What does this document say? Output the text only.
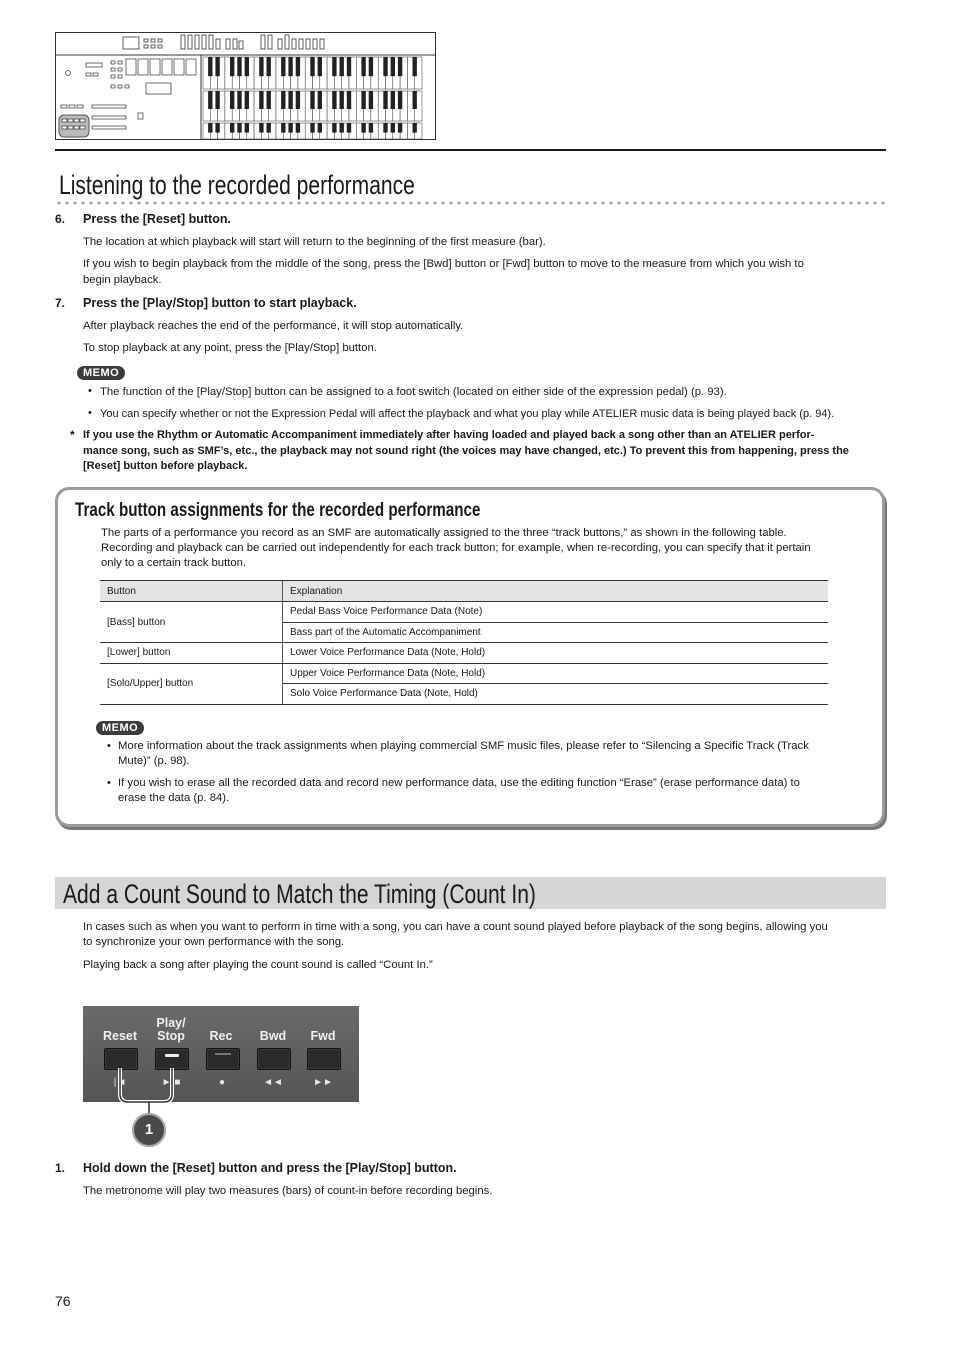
Listening to the recorded performance
6. Press the [Reset] button.
The location at which playback will start will return to the beginning of the first measure (bar).
If you wish to begin playback from the middle of the song, press the [Bwd] button or [Fwd] button to move to the measure from which you wish to
begin playback.
7. Press the [Play/Stop] button to start playback.
After playback reaches the end of the performance, it will stop automatically.
To stop playback at any point, press the [Play/Stop] button.
MEMO
• The function of the [Play/Stop] button can be assigned to a foot switch (located on either side of the expression pedal) (p. 93).
• You can specify whether or not the Expression Pedal will affect the playback and what you play while ATELIER music data is being played back (p. 94).
* If you use the Rhythm or Automatic Accompaniment immediately after having loaded and played back a song other than an ATELIER perfor-
mance song, such as SMF’s, etc., the playback may not sound right (the voices may have changed, etc.) To prevent this from happening, press the
[Reset] button before playback.
Track button assignments for the recorded performance
The parts of a performance you record as an SMF are automatically assigned to the three “track buttons,” as shown in the following table.
Recording and playback can be carried out independently for each track button; for example, when re-recording, you can specify that it pertain
only to a certain track button.
Button	Explanation
[Bass] button	Pedal Bass Voice Performance Data (Note)
	Bass part of the Automatic Accompaniment
[Lower] button	Lower Voice Performance Data (Note, Hold)
[Solo/Upper] button	Upper Voice Performance Data (Note, Hold)
	Solo Voice Performance Data (Note, Hold)
MEMO
• More information about the track assignments when playing commercial SMF music files, please refer to “Silencing a Specific Track (Track
Mute)” (p. 98).
• If you wish to erase all the recorded data and record new performance data, use the editing function “Erase” (erase performance data) to
erase the data (p. 84).
Add a Count Sound to Match the Timing (Count In)
In cases such as when you want to perform in time with a song, you can have a count sound played before playback of the song begins, allowing you
to synchronize your own performance with the song.
Playing back a song after playing the count sound is called “Count In.”
Reset
|◄
Play/
Stop
► ■
Rec
●
Bwd
◄◄
Fwd
►►
1
1. Hold down the [Reset] button and press the [Play/Stop] button.
The metronome will play two measures (bars) of count-in before recording begins.
76
